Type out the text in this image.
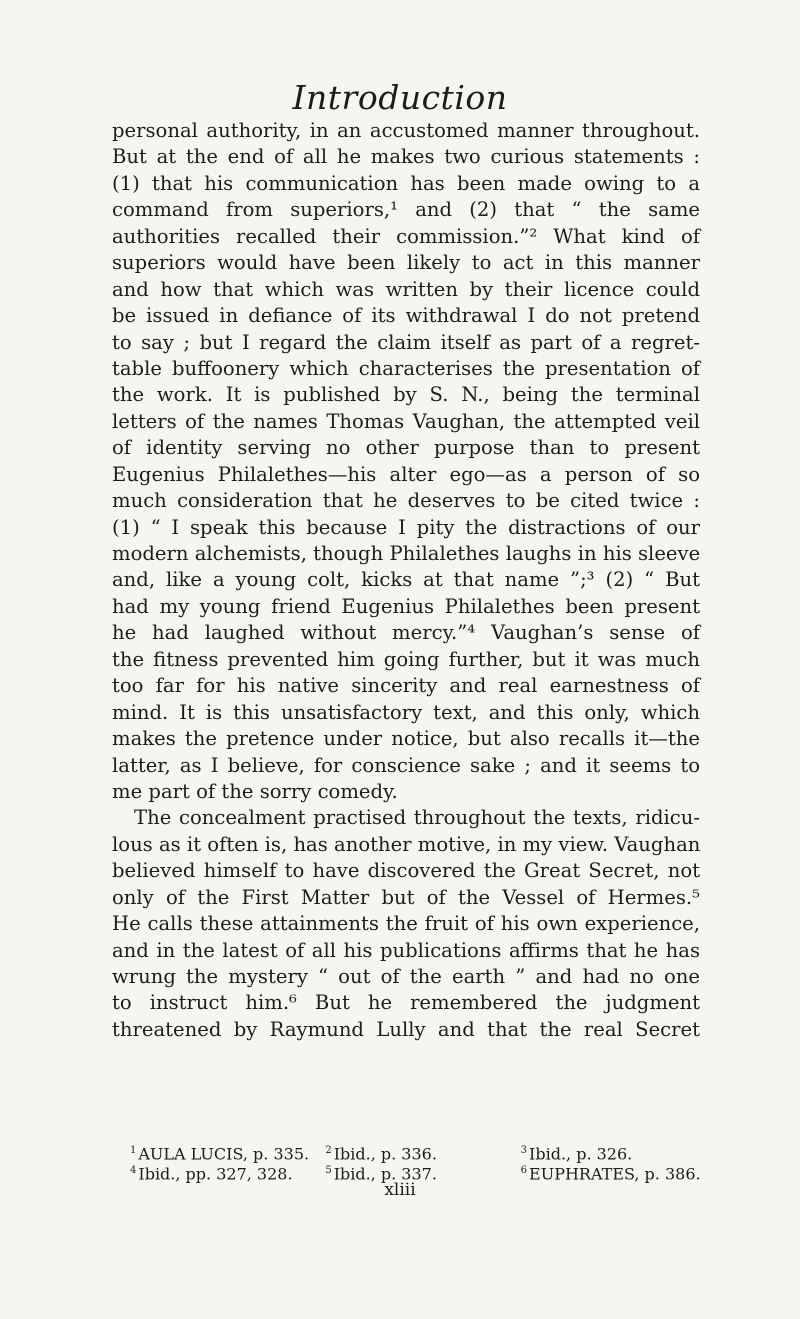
Introduction
personal authority, in an accustomed manner throughout.
But at the end of all he makes two curious statements :
(1) that his communication has been made owing to a
command from superiors,¹ and (2) that “ the same
authorities recalled their commission.”² What kind of
superiors would have been likely to act in this manner
and how that which was written by their licence could
be issued in defiance of its withdrawal I do not pretend
to say ; but I regard the claim itself as part of a regret-
table buffoonery which characterises the presentation of
the work. It is published by S. N., being the terminal
letters of the names Thomas Vaughan, the attempted veil
of identity serving no other purpose than to present
Eugenius Philalethes—his alter ego—as a person of so
much consideration that he deserves to be cited twice :
(1) “ I speak this because I pity the distractions of our
modern alchemists, though Philalethes laughs in his sleeve
and, like a young colt, kicks at that name ”;³ (2) “ But
had my young friend Eugenius Philalethes been present
he had laughed without mercy.”⁴ Vaughan’s sense of
the fitness prevented him going further, but it was much
too far for his native sincerity and real earnestness of
mind. It is this unsatisfactory text, and this only, which
makes the pretence under notice, but also recalls it—the
latter, as I believe, for conscience sake ; and it seems to
me part of the sorry comedy.
The concealment practised throughout the texts, ridicu-
lous as it often is, has another motive, in my view. Vaughan
believed himself to have discovered the Great Secret, not
only of the First Matter but of the Vessel of Hermes.⁵
He calls these attainments the fruit of his own experience,
and in the latest of all his publications affirms that he has
wrung the mystery “ out of the earth ” and had no one
to instruct him.⁶ But he remembered the judgment
threatened by Raymund Lully and that the real Secret
$^1$ AULA LUCIS, p. 335.	$^2$ Ibid., p. 336.	$^3$ Ibid., p. 326.
$^4$ Ibid., pp. 327, 328.	$^5$ Ibid., p. 337.	$^6$ EUPHRATES, p. 386.
xliii
